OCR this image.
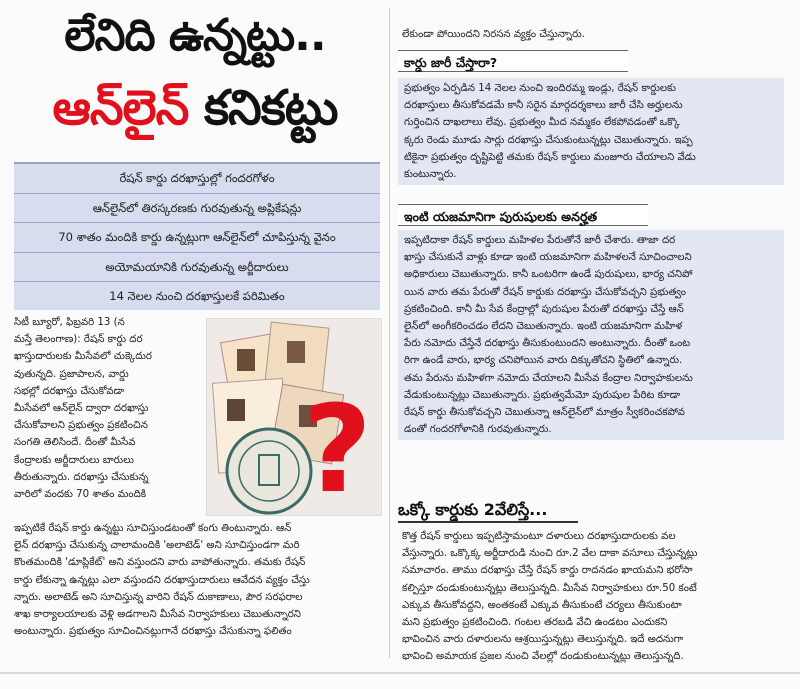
లేనిది ఉన్నట్టు..
ఆన్‌లైన్ కనికట్టు
రేషన్ కార్డు దరఖాస్తుల్లో గందరగోళం
ఆన్‌లైన్‌లో తిరస్కరణకు గురవుతున్న అప్లికేషన్లు
70 శాతం మందికి కార్డు ఉన్నట్లుగా ఆన్‌లైన్‌లో చూపిస్తున్న వైనం
అయోమయానికి గురవుతున్న అర్జీదారులు
14 నెలల నుంచి దరఖాస్తులకే పరిమితం
సిటీ బ్యూరో, ఫిబ్రవరి 13 (న
మస్తే తెలంగాణ): రేషన్ కార్డు దర
ఖాస్తుదారులకు మీసేవలో చుక్కెదుర
వుతున్నది. ప్రజాపాలన, వార్డు
సభల్లో దరఖాస్తు చేసుకోవడా
మీసేవలో ఆన్‌లైన్ ద్వారా దరఖాస్తు
చేసుకోవాలని ప్రభుత్వం ప్రకటించిన
సంగతి తెలిసిందే. దీంతో మీసేవ
కేంద్రాలకు అర్జీదారులు బారులు
తీరుతున్నారు. దరఖాస్తు చేసుకున్న
వారిలో వందకు 70 శాతం మందికి	?
ఇప్పటికే రేషన్ కార్డు ఉన్నట్టు సూచిస్తుండటంతో కంగు తింటున్నారు. ఆన్
లైన్ దరఖాస్తు చేసుకున్న చాలామందికి 'అలాటెడ్' అని సూచిస్తుండగా మరి
కొంతమందికి 'డూప్లికేట్' అని వస్తుందని వారు వాపోతున్నారు. తమకు రేషన్
కార్డు లేకున్నా ఉన్నట్లు ఎలా వస్తుందని దరఖాస్తుదారులు ఆవేదన వ్యక్తం చేస్తు
న్నారు. అలాటెడ్ అని సూచిస్తున్న వారిని రేషన్ దుకాణాలు, పౌర సరఫరాల
శాఖ కార్యాలయాలకు వెళ్లి అడగాలని మీసేవ నిర్వాహకులు చెబుతున్నారని
అంటున్నారు. ప్రభుత్వం సూచించినట్లుగానే దరఖాస్తు చేసుకున్నా ఫలితం
లేకుండా పోయిందని నిరసన వ్యక్తం చేస్తున్నారు.
కార్డు జారీ చేస్తారా?
ప్రభుత్వం ఏర్పడిన 14 నెలల నుంచి ఇందిరమ్మ ఇండ్లు, రేషన్ కార్డులకు
దరఖాస్తులు తీసుకోవడమే కానీ సరైన మార్గదర్శకాలు జారీ చేసి అర్హులను
గుర్తించిన దాఖలాలు లేవు. ప్రభుత్వం మీద నమ్మకం లేకపోవడంతో ఒక్కొ
క్కరు రెండు మూడు సార్లు దరఖాస్తు చేసుకుంటున్నట్లు చెబుతున్నారు. ఇప్ప
టికైనా ప్రభుత్వం దృష్టిపెట్టి తమకు రేషన్ కార్డులు మంజూరు చేయాలని వేడు
కుంటున్నారు.
ఇంటి యజమానిగా పురుషులకు అనర్హత
ఇప్పటిదాకా రేషన్ కార్డులు మహిళల పేరుతోనే జారీ చేశారు. తాజా దర
ఖాస్తు చేసుకునే వాళ్లు కూడా ఇంటి యజమానిగా మహిళలనే సూచించాలని
అధికారులు చెబుతున్నారు. కానీ ఒంటరిగా ఉండే పురుషులు, భార్య చనిపో
యిన వారు తమ పేరుతో రేషన్ కార్డుకు దరఖాస్తు చేసుకోవచ్చని ప్రభుత్వం
ప్రకటించింది. కానీ మీ సేవ కేంద్రాల్లో పురుషుల పేరుతో దరఖాస్తు చేస్తే ఆన్
లైన్‌లో అంగీకరించడం లేదని చెబుతున్నారు. ఇంటి యజమానిగా మహిళ
పేరు నమోదు చేస్తేనే దరఖాస్తు తీసుకుంటుందని అంటున్నారు. దీంతో ఒంట
రిగా ఉండే వారు, భార్య చనిపోయిన వారు దిక్కుతోచని స్థితిలో ఉన్నారు.
తమ పేరును మహిళగా నమోదు చేయాలని మీసేవ కేంద్రాల నిర్వాహకులను
వేడుకుంటున్నట్లు చెబుతున్నారు. ప్రభుత్వమేమో పురుషుల పేరిట కూడా
రేషన్ కార్డు తీసుకోవచ్చని చెబుతున్నా ఆన్‌లైన్‌లో మాత్రం స్వీకరించకపోవ
డంతో గందరగోళానికి గురవుతున్నారు.
ఒక్కో కార్డుకు 2వేలిస్తే...
కొత్త రేషన్ కార్డులు ఇప్పటిస్తామంటూ దళారులు దరఖాస్తుదారులకు వల
వేస్తున్నారు. ఒక్కొక్క అర్జీదారుడి నుంచి రూ.2 వేల దాకా వసూలు చేస్తున్నట్లు
సమాచారం. తాము దరఖాస్తు చేస్తే రేషన్ కార్డు రాదనడం ఖాయమని భరోసా
కల్పిస్తూ దండుకుంటున్నట్లు తెలుస్తున్నది. మీసేవ నిర్వాహకులు రూ.50 కంటే
ఎక్కువ తీసుకోవద్దని, అంతకంటే ఎక్కువ తీసుకుంటే చర్యలు తీసుకుంటా
మని ప్రభుత్వం ప్రకటించింది. గంటల తరబడి వేచి ఉండటం ఎందుకని
భావించిన వారు దళారులను ఆశ్రయిస్తున్నట్లు తెలుస్తున్నది. ఇదే అదనుగా
భావించి అమాయక ప్రజల నుంచి వేలల్లో దండుకుంటున్నట్లు తెలుస్తున్నది.
